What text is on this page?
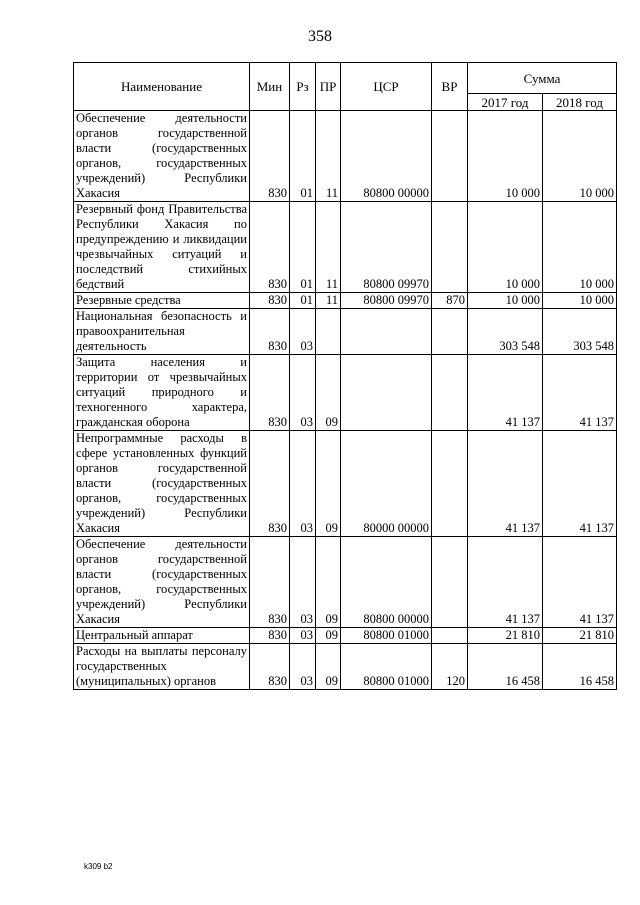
358
Наименование	Мин	Рз	ПР	ЦСР	ВР	Сумма	
						2017 год	2018 год
Обеспечение деятельности органов государственной власти (государственных органов, государственных учреждений) Республики Хакасия	830	01	11	80800 00000		10 000	10 000
Резервный фонд Правительства Республики Хакасия по предупреждению и ликвидации чрезвычайных ситуаций и последствий стихийных бедствий	830	01	11	80800 09970		10 000	10 000
Резервные средства	830	01	11	80800 09970	870	10 000	10 000
Национальная безопасность и правоохранительная деятельность	830	03				303 548	303 548
Защита населения и территории от чрезвычайных ситуаций природного и техногенного характера, гражданская оборона	830	03	09			41 137	41 137
Непрограммные расходы в сфере установленных функций органов государственной власти (государственных органов, государственных учреждений) Республики Хакасия	830	03	09	80000 00000		41 137	41 137
Обеспечение деятельности органов государственной власти (государственных органов, государственных учреждений) Республики Хакасия	830	03	09	80800 00000		41 137	41 137
Центральный аппарат	830	03	09	80800 01000		21 810	21 810
Расходы на выплаты персоналу государственных (муниципальных) органов	830	03	09	80800 01000	120	16 458	16 458
k309 b2
